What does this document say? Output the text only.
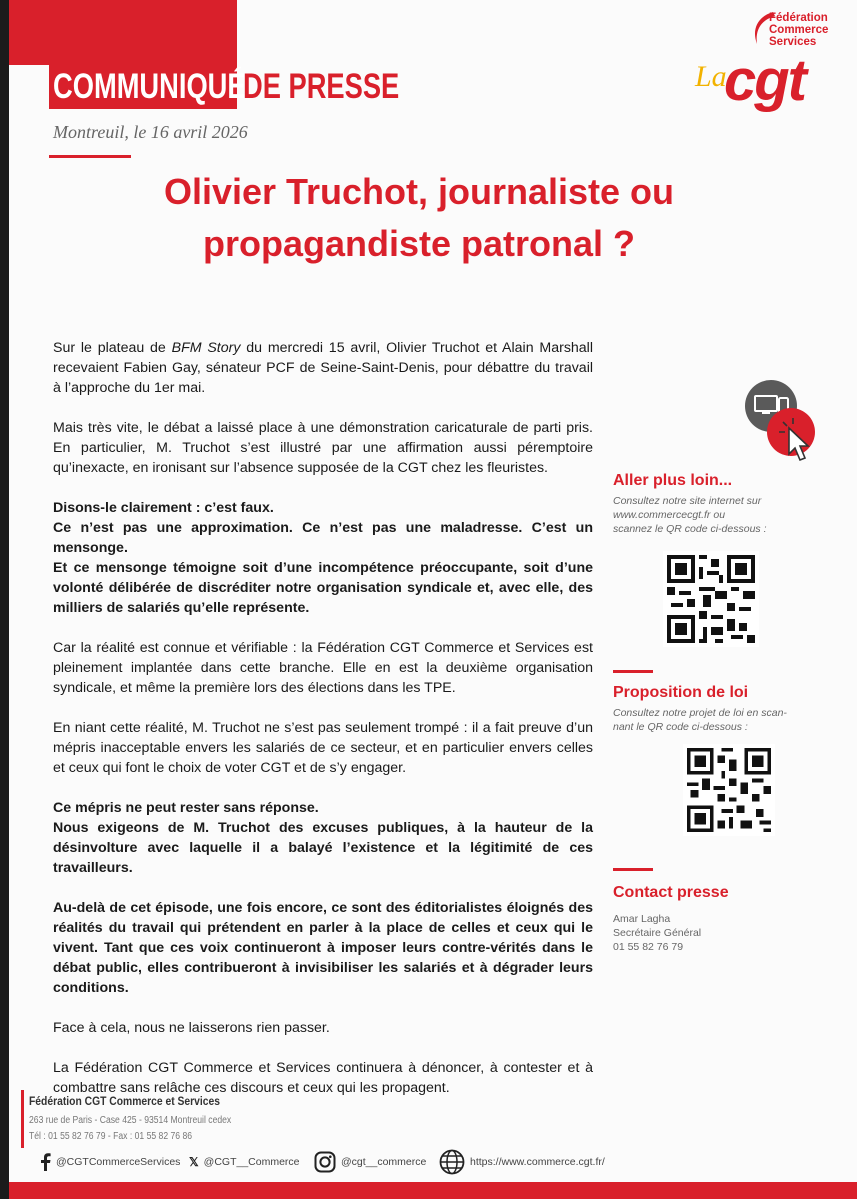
COMMUNIQUÉ
DE PRESSE
Montreuil, le 16 avril 2026
Fédération
Commerce
Services
La
cgt
Olivier Truchot, journaliste ou
propagandiste patronal ?

Sur le plateau de BFM Story du mercredi 15 avril, Olivier Truchot et Alain Marshall recevaient Fabien Gay, sénateur PCF de Seine-Saint-Denis, pour débattre du travail à l’approche du 1er mai.

Mais très vite, le débat a laissé place à une démonstration caricaturale de parti pris. En particulier, M. Truchot s’est illustré par une affirmation aussi péremptoire qu’inexacte, en ironisant sur l’absence supposée de la CGT chez les fleuristes.

Disons-le clairement : c’est faux.
Ce n’est pas une approximation. Ce n’est pas une maladresse. C’est un mensonge.
Et ce mensonge témoigne soit d’une incompétence préoccupante, soit d’une volonté délibérée de discréditer notre organisation syndicale et, avec elle, des milliers de salariés qu’elle représente.

Car la réalité est connue et vérifiable : la Fédération CGT Commerce et Services est pleinement implantée dans cette branche. Elle en est la deuxième organisation syndicale, et même la première lors des élections dans les TPE.

En niant cette réalité, M. Truchot ne s’est pas seulement trompé : il a fait preuve d’un mépris inacceptable envers les salariés de ce secteur, et en particulier envers celles et ceux qui font le choix de voter CGT et de s’y engager.

Ce mépris ne peut rester sans réponse.
Nous exigeons de M. Truchot des excuses publiques, à la hauteur de la désinvolture avec laquelle il a balayé l’existence et la légitimité de ces travailleurs.

Au-delà de cet épisode, une fois encore, ce sont des éditorialistes éloignés des réalités du travail qui prétendent en parler à la place de celles et ceux qui le vivent. Tant que ces voix continueront à imposer leurs contre-vérités dans le débat public, elles contribueront à invisibiliser les salariés et à dégrader leurs conditions.

Face à cela, nous ne laisserons rien passer.

La Fédération CGT Commerce et Services continuera à dénoncer, à contester et à combattre sans relâche ces discours et ceux qui les propagent.

Aller plus loin...
Consultez notre site internet sur
www.commercecgt.fr ou
scannez le QR code ci-dessous :
Proposition de loi
Consultez notre projet de loi en scan-
nant le QR code ci-dessous :
Contact presse
Amar Lagha
Secrétaire Général
01 55 82 76 79
Fédération CGT Commerce et Services
263 rue de Paris - Case 425 - 93514 Montreuil cedex
Tél : 01 55 82 76 79 - Fax : 01 55 82 76 86
@CGTCommerceServices 𝕏 @CGT__Commerce	@cgt__commerce	https://www.commerce.cgt.fr/
